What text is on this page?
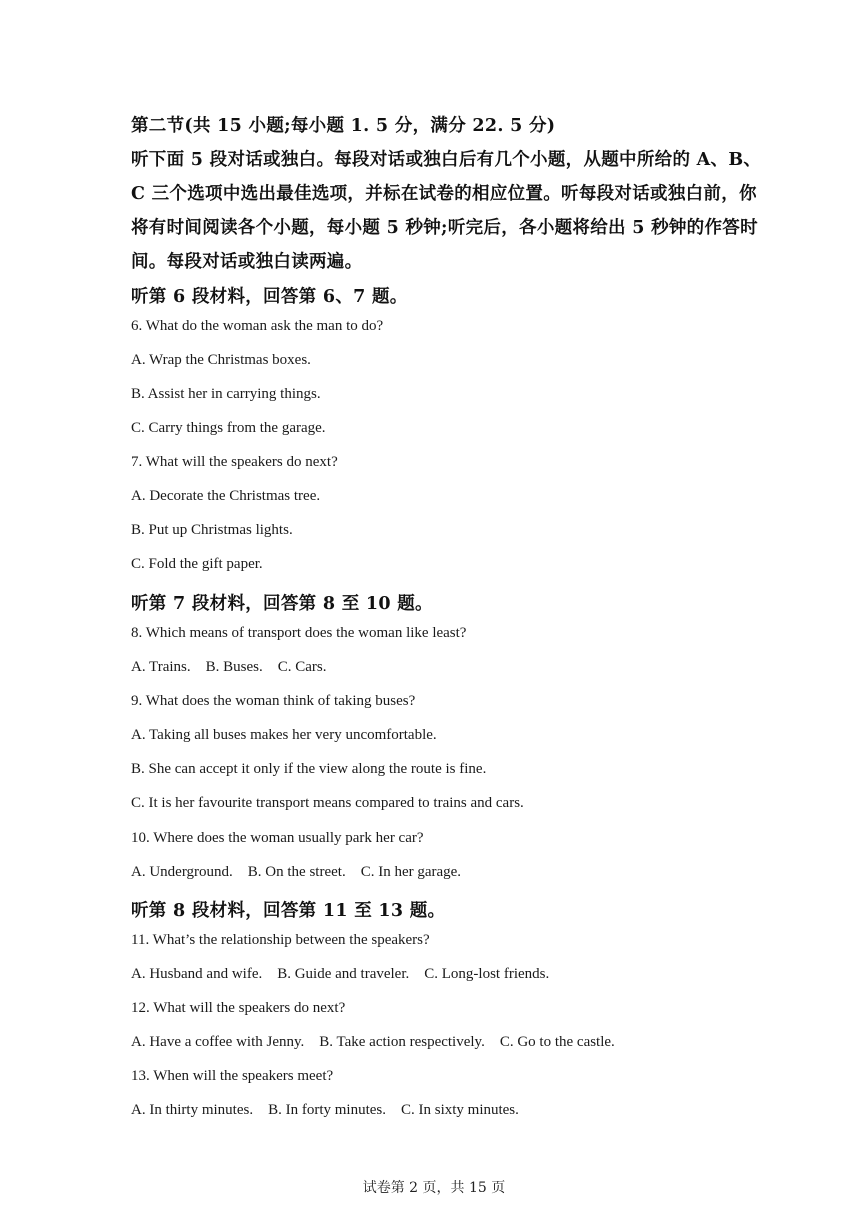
第二节(共 15 小题;每小题 1. 5 分，满分 22. 5 分)
听下面 5 段对话或独白。每段对话或独白后有几个小题，从题中所给的 A、B、
C 三个选项中选出最佳选项，并标在试卷的相应位置。听每段对话或独白前，你
将有时间阅读各个小题，每小题 5 秒钟;听完后，各小题将给出 5 秒钟的作答时
间。每段对话或独白读两遍。
听第 6 段材料，回答第 6、7 题。
6. What do the woman ask the man to do?
A. Wrap the Christmas boxes.
B. Assist her in carrying things.
C. Carry things from the garage.
7. What will the speakers do next?
A. Decorate the Christmas tree.
B. Put up Christmas lights.
C. Fold the gift paper.
听第 7 段材料，回答第 8 至 10 题。
8. Which means of transport does the woman like least?
A. Trains.    B. Buses.    C. Cars.
9. What does the woman think of taking buses?
A. Taking all buses makes her very uncomfortable.
B. She can accept it only if the view along the route is fine.
C. It is her favourite transport means compared to trains and cars.
10. Where does the woman usually park her car?
A. Underground.    B. On the street.    C. In her garage.
听第 8 段材料，回答第 11 至 13 题。
11. What’s the relationship between the speakers?
A. Husband and wife.    B. Guide and traveler.    C. Long-lost friends.
12. What will the speakers do next?
A. Have a coffee with Jenny.    B. Take action respectively.    C. Go to the castle.
13. When will the speakers meet?
A. In thirty minutes.    B. In forty minutes.    C. In sixty minutes.
试卷第 2 页，共 15 页
